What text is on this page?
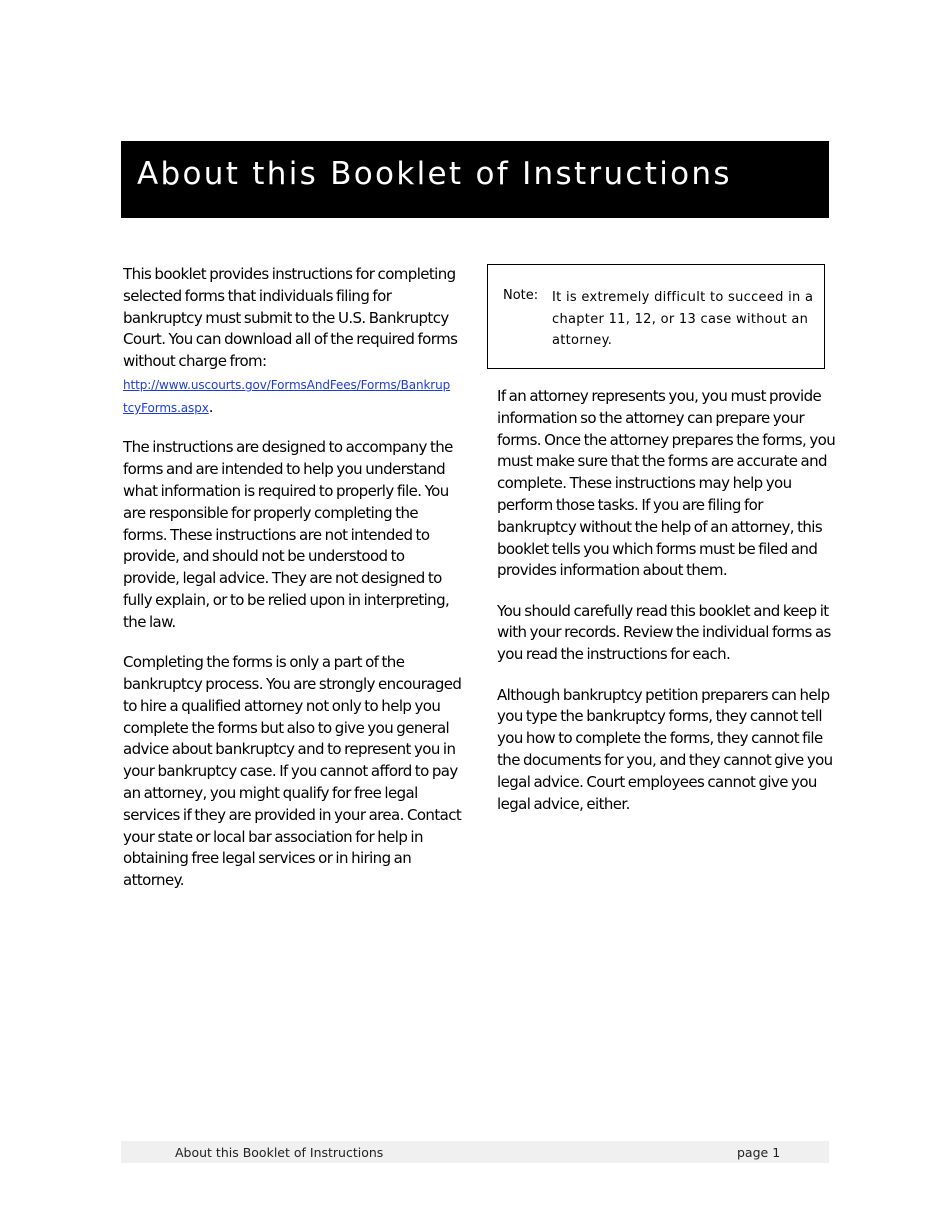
About this Booklet of Instructions

This booklet provides instructions for completing selected forms that individuals filing for bankruptcy must submit to the U.S. Bankruptcy Court. You can download all of the required forms without charge from:
http://www.uscourts.gov/FormsAndFees/Forms/BankruptcyForms.aspx.

The instructions are designed to accompany the forms and are intended to help you understand what information is required to properly file. You are responsible for properly completing the forms. These instructions are not intended to provide, and should not be understood to provide, legal advice. They are not designed to fully explain, or to be relied upon in interpreting, the law.

Completing the forms is only a part of the bankruptcy process. You are strongly encouraged to hire a qualified attorney not only to help you complete the forms but also to give you general advice about bankruptcy and to represent you in your bankruptcy case. If you cannot afford to pay an attorney, you might qualify for free legal services if they are provided in your area. Contact your state or local bar association for help in obtaining free legal services or in hiring an attorney.

Note: It is extremely difficult to succeed in a chapter 11, 12, or 13 case without an attorney.

If an attorney represents you, you must provide information so the attorney can prepare your forms. Once the attorney prepares the forms, you must make sure that the forms are accurate and complete. These instructions may help you perform those tasks. If you are filing for bankruptcy without the help of an attorney, this booklet tells you which forms must be filed and provides information about them.

You should carefully read this booklet and keep it with your records. Review the individual forms as you read the instructions for each.

Although bankruptcy petition preparers can help you type the bankruptcy forms, they cannot tell you how to complete the forms, they cannot file the documents for you, and they cannot give you legal advice. Court employees cannot give you legal advice, either.

About this Booklet of Instructions	page 1
